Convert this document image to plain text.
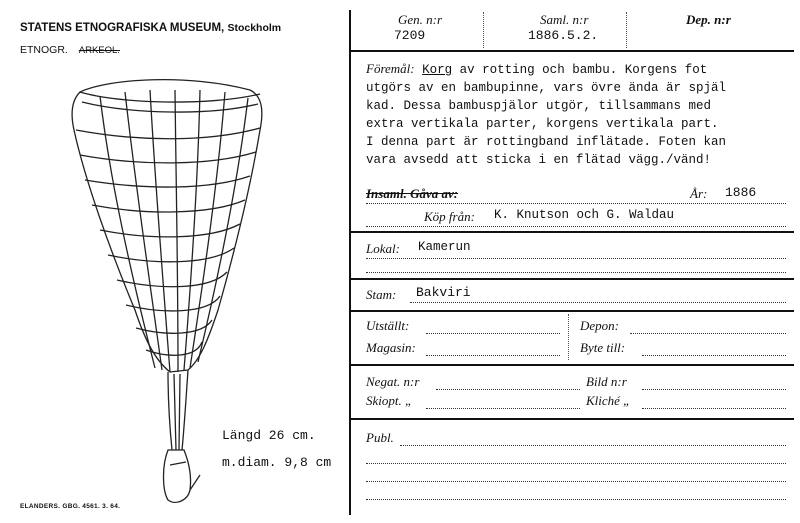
STATENS ETNOGRAFISKA MUSEUM, Stockholm
ETNOGR. ARKEOL.
Längd 26 cm.
m.diam. 9,8 cm
ELANDERS. GBG. 4561. 3. 64.
Gen. n:r
7209
Saml. n:r
1886.5.2.
Dep. n:r
Föremål: Korg av rotting och bambu. Korgens fot
utgörs av en bambupinne, vars övre ända är spjäl
kad. Dessa bambuspjälor utgör, tillsammans med
extra vertikala parter, korgens vertikala part.
I denna part är rottingband inflätade. Foten kan
vara avsedd att sticka i en flätad vägg./vänd!
Insaml. Gåva av:	År: 1886
Köp från: K. Knutson och G. Waldau
Lokal: Kamerun
Stam: Bakviri
Utställt:
Magasin:
Depon:
Byte till:
Negat. n:r	Bild n:r
Skiopt. „	Kliché „
Publ.
